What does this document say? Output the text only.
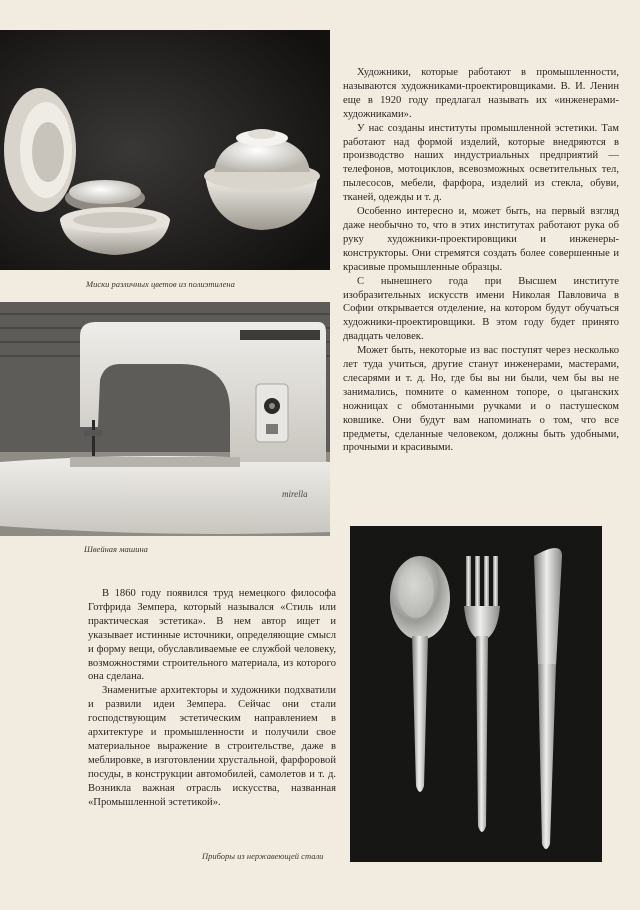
Миски различных цветов из полиэтилена
mirella
Швейная машина

Художники, которые работают в промышленности, называются художниками-проектировщиками. В. И. Ленин еще в 1920 году предлагал называть их «инженерами-художниками».

У нас созданы институты промышленной эстетики. Там работают над формой изделий, которые внедряются в производство наших индустриальных предприятий — телефонов, мотоциклов, всевозможных осветительных тел, пылесосов, мебели, фарфора, изделий из стекла, обуви, тканей, одежды и т. д.

Особенно интересно и, может быть, на первый взгляд даже необычно то, что в этих институтах работают рука об руку художники-проектировщики и инженеры-конструкторы. Они стремятся создать более совершенные и красивые промышленные образцы.

С нынешнего года при Высшем институте изобразительных искусств имени Николая Павловича в Софии открывается отделение, на котором будут обучаться художники-проектировщики. В этом году будет принято двадцать человек.

Может быть, некоторые из вас поступят через несколько лет туда учиться, другие станут инженерами, мастерами, слесарями и т. д. Но, где бы вы ни были, чем бы вы не занимались, помните о каменном топоре, о цыганских ножницах с обмотанными ручками и о пастушеском ковшике. Они будут вам напоминать о том, что все предметы, сделанные человеком, должны быть удобными, прочными и красивыми.

В 1860 году появился труд немецкого философа Готфрида Земпера, который назывался «Стиль или практическая эстетика». В нем автор ищет и указывает истинные источники, определяющие смысл и форму вещи, обуславливаемые ее службой человеку, возможностями строительного материала, из которого она сделана.

Знаменитые архитекторы и художники подхватили и развили идеи Земпера. Сейчас они стали господствующим эстетическим направлением в архитектуре и промышленности и получили свое материальное выражение в строительстве, даже в меблировке, в изготовлении хрустальной, фарфоровой посуды, в конструкции автомобилей, самолетов и т. д. Возникла важная отрасль искусства, названная «Промышленной эстетикой».

Приборы из нержавеющей стали
